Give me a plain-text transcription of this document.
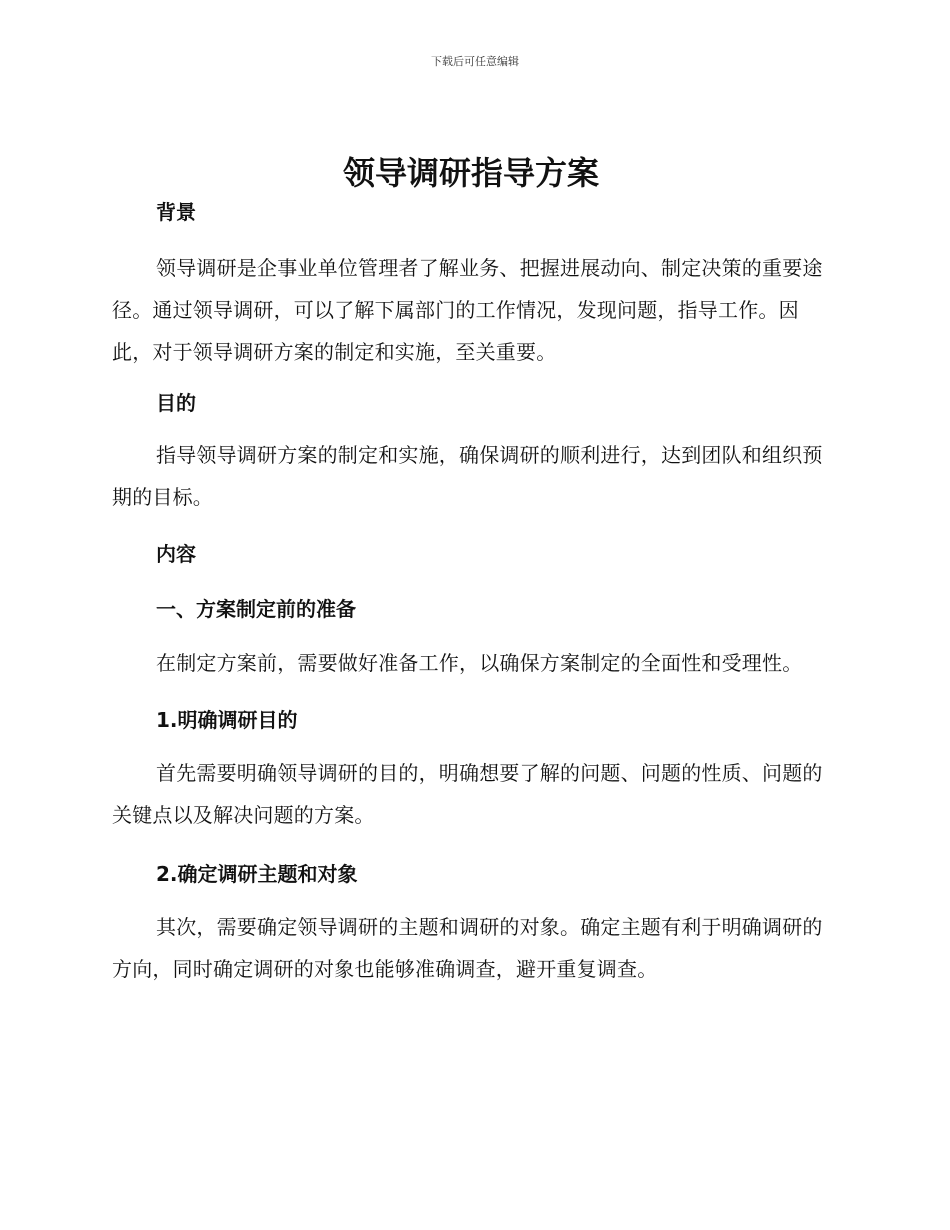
下载后可任意编辑
领导调研指导方案
背景

领导调研是企事业单位管理者了解业务、把握进展动向、制定决策的重要途径。通过领导调研，可以了解下属部门的工作情况，发现问题，指导工作。因此，对于领导调研方案的制定和实施，至关重要。

目的

指导领导调研方案的制定和实施，确保调研的顺利进行，达到团队和组织预期的目标。

内容
一、方案制定前的准备

在制定方案前，需要做好准备工作，以确保方案制定的全面性和受理性。

1.明确调研目的

首先需要明确领导调研的目的，明确想要了解的问题、问题的性质、问题的关键点以及解决问题的方案。

2.确定调研主题和对象

其次，需要确定领导调研的主题和调研的对象。确定主题有利于明确调研的方向，同时确定调研的对象也能够准确调查，避开重复调查。
